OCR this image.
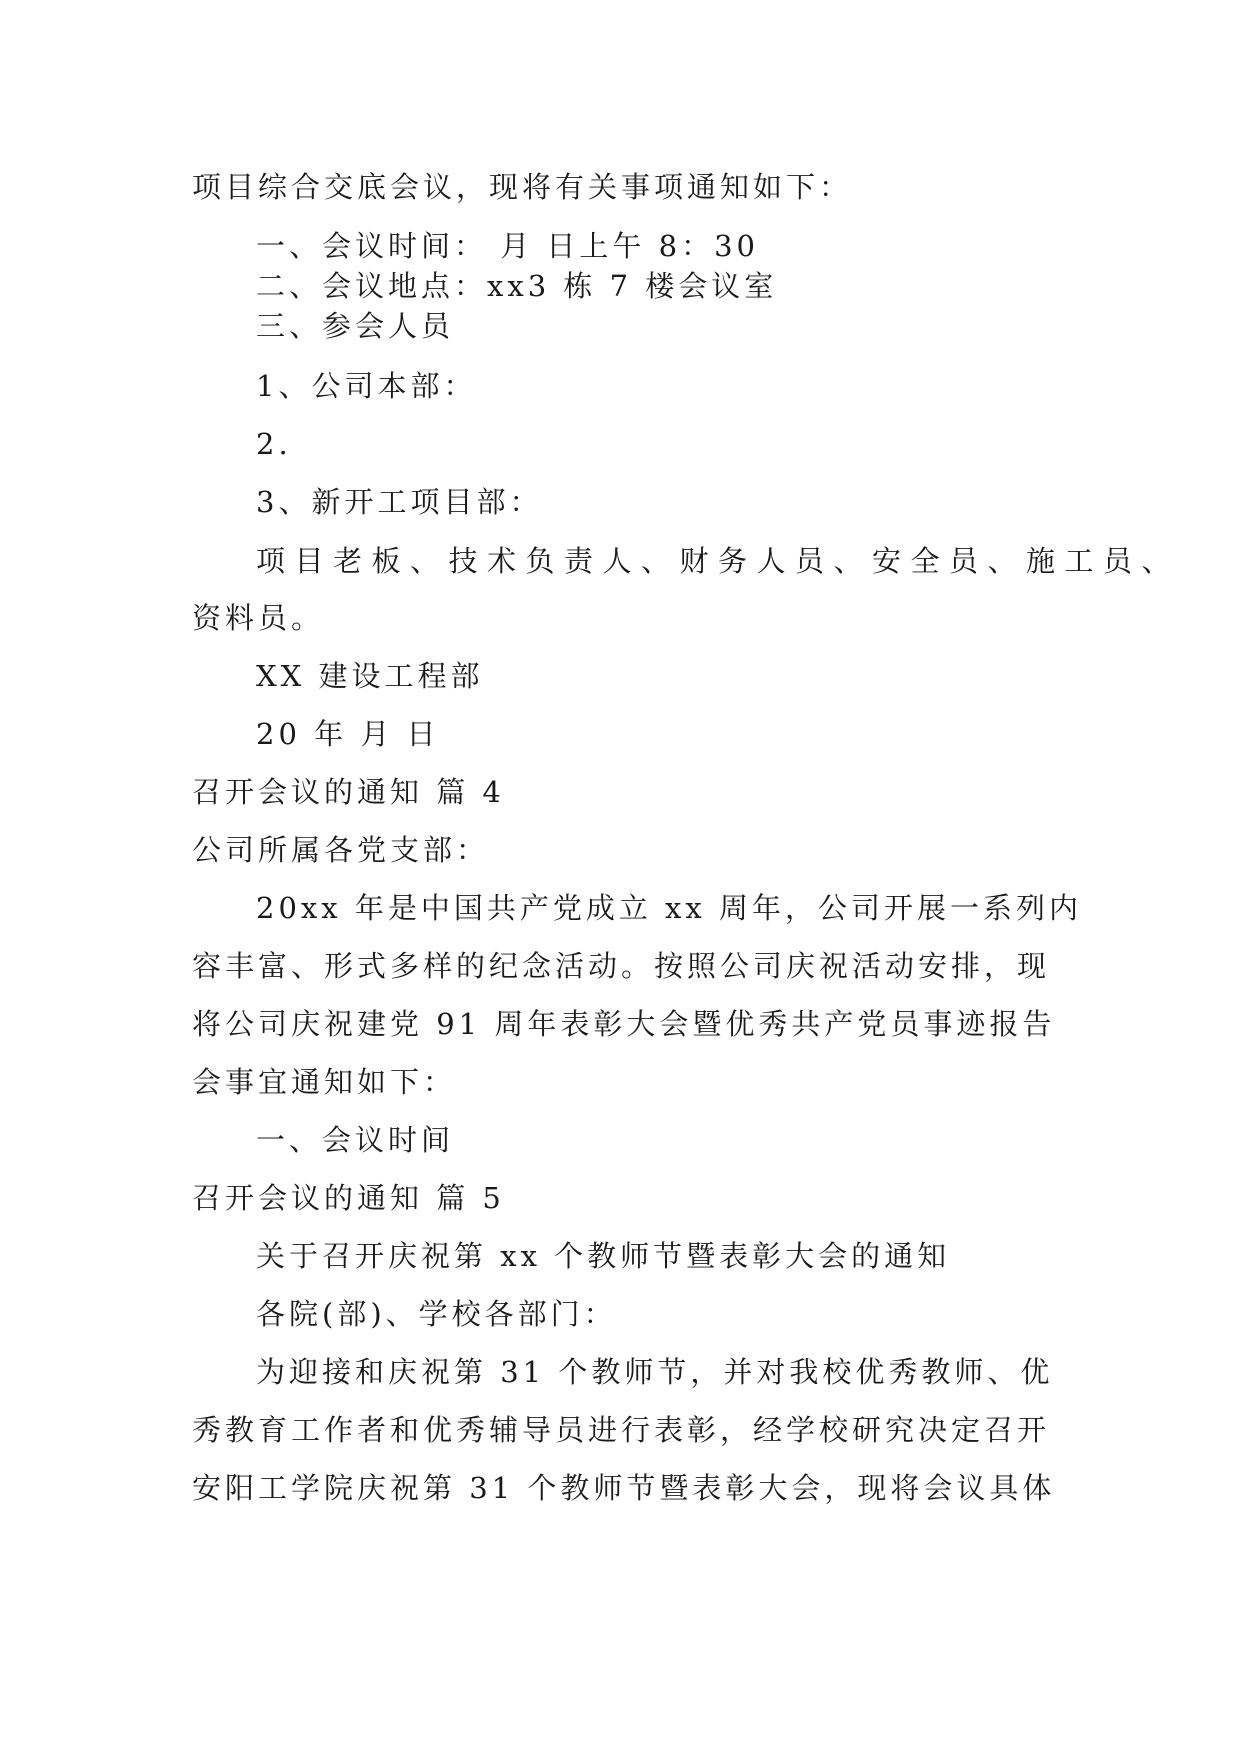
项目综合交底会议，现将有关事项通知如下：
一、会议时间： 月 日上午 8：30
二、会议地点：xx3 栋 7 楼会议室
三、参会人员
1、公司本部：
2.
3、新开工项目部：
项目老板、技术负责人、财务人员、安全员、施工员、
资料员。
XX 建设工程部
20 年 月 日
召开会议的通知 篇 4
公司所属各党支部：
20xx 年是中国共产党成立 xx 周年，公司开展一系列内
容丰富、形式多样的纪念活动。按照公司庆祝活动安排，现
将公司庆祝建党 91 周年表彰大会暨优秀共产党员事迹报告
会事宜通知如下：
一、会议时间
召开会议的通知 篇 5
关于召开庆祝第 xx 个教师节暨表彰大会的通知
各院(部)、学校各部门：
为迎接和庆祝第 31 个教师节，并对我校优秀教师、优
秀教育工作者和优秀辅导员进行表彰，经学校研究决定召开
安阳工学院庆祝第 31 个教师节暨表彰大会，现将会议具体
